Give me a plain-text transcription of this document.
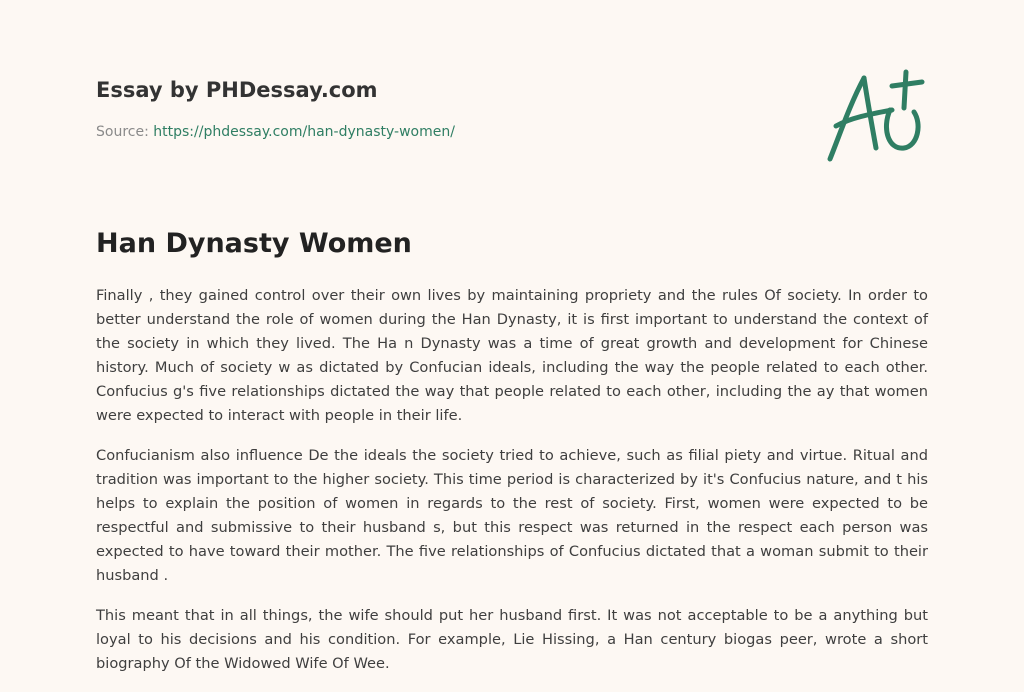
Essay by PHDessay.com
Source: https://phdessay.com/han-dynasty-women/
Han Dynasty Women

Finally , they gained control over their own lives by maintaining propriety and the rules Of society. In order to better understand the role of women during the Han Dynasty, it is first important to understand the context of the society in which they lived. The Ha n Dynasty was a time of great growth and development for Chinese history. Much of society w as dictated by Confucian ideals, including the way the people related to each other. Confucius g's five relationships dictated the way that people related to each other, including the ay that women were expected to interact with people in their life.

Confucianism also influence De the ideals the society tried to achieve, such as filial piety and virtue. Ritual and tradition was important to the higher society. This time period is characterized by it's Confucius nature, and t his helps to explain the position of women in regards to the rest of society. First, women were expected to be respectful and submissive to their husband s, but this respect was returned in the respect each person was expected to have toward their mother. The five relationships of Confucius dictated that a woman submit to their husband .

This meant that in all things, the wife should put her husband first. It was not acceptable to be a anything but loyal to his decisions and his condition. For example, Lie Hissing, a Han century biogas peer, wrote a short biography Of the Widowed Wife Of Wee.
